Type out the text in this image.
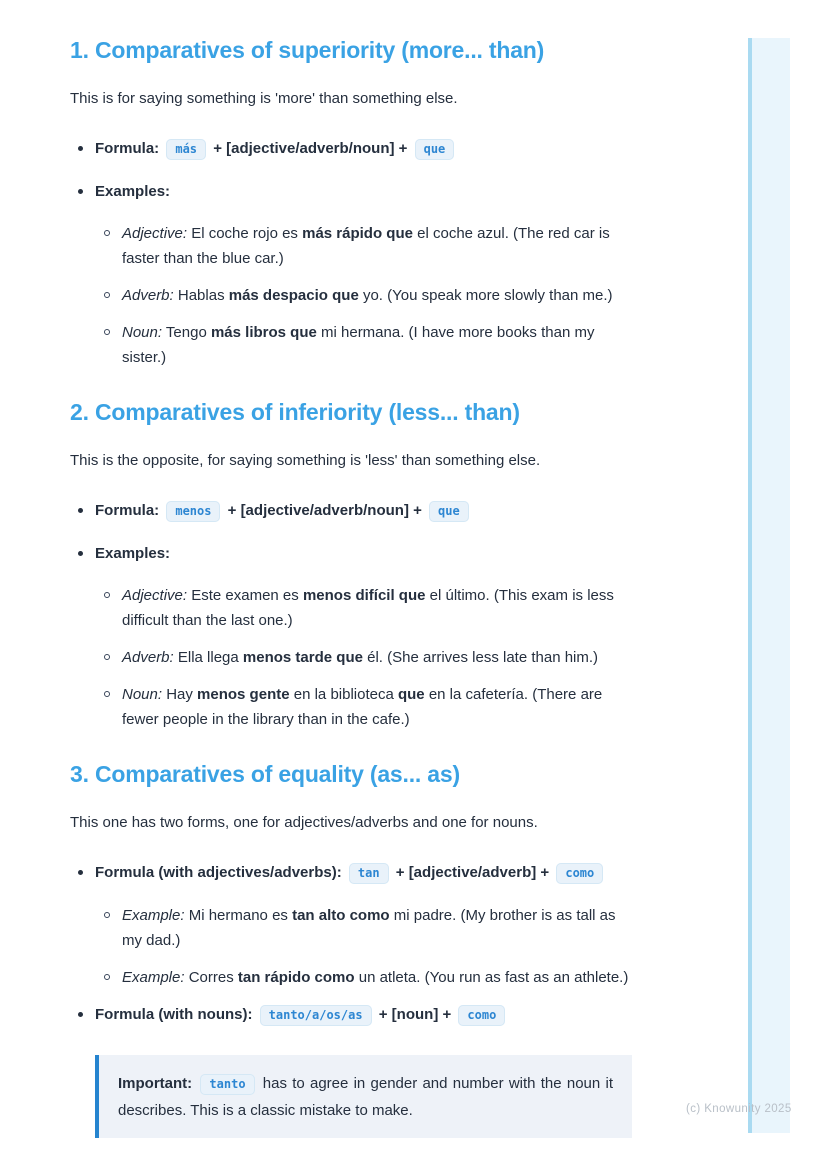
1. Comparatives of superiority (more... than)

This is for saying something is 'more' than something else.

Formula: más + [adjective/adverb/noun] + que
Examples:
Adjective: El coche rojo es más rápido que el coche azul. (The red car is faster than the blue car.)
Adverb: Hablas más despacio que yo. (You speak more slowly than me.)
Noun: Tengo más libros que mi hermana. (I have more books than my sister.)
2. Comparatives of inferiority (less... than)

This is the opposite, for saying something is 'less' than something else.

Formula: menos + [adjective/adverb/noun] + que
Examples:
Adjective: Este examen es menos difícil que el último. (This exam is less difficult than the last one.)
Adverb: Ella llega menos tarde que él. (She arrives less late than him.)
Noun: Hay menos gente en la biblioteca que en la cafetería. (There are fewer people in the library than in the cafe.)
3. Comparatives of equality (as... as)

This one has two forms, one for adjectives/adverbs and one for nouns.

Formula (with adjectives/adverbs): tan + [adjective/adverb] + como
Example: Mi hermano es tan alto como mi padre. (My brother is as tall as my dad.)
Example: Corres tan rápido como un atleta. (You run as fast as an athlete.)
Formula (with nouns): tanto/a/os/as + [noun] + como
Important: tanto has to agree in gender and number with the noun it describes. This is a classic mistake to make.	(c) Knowunity 2025
